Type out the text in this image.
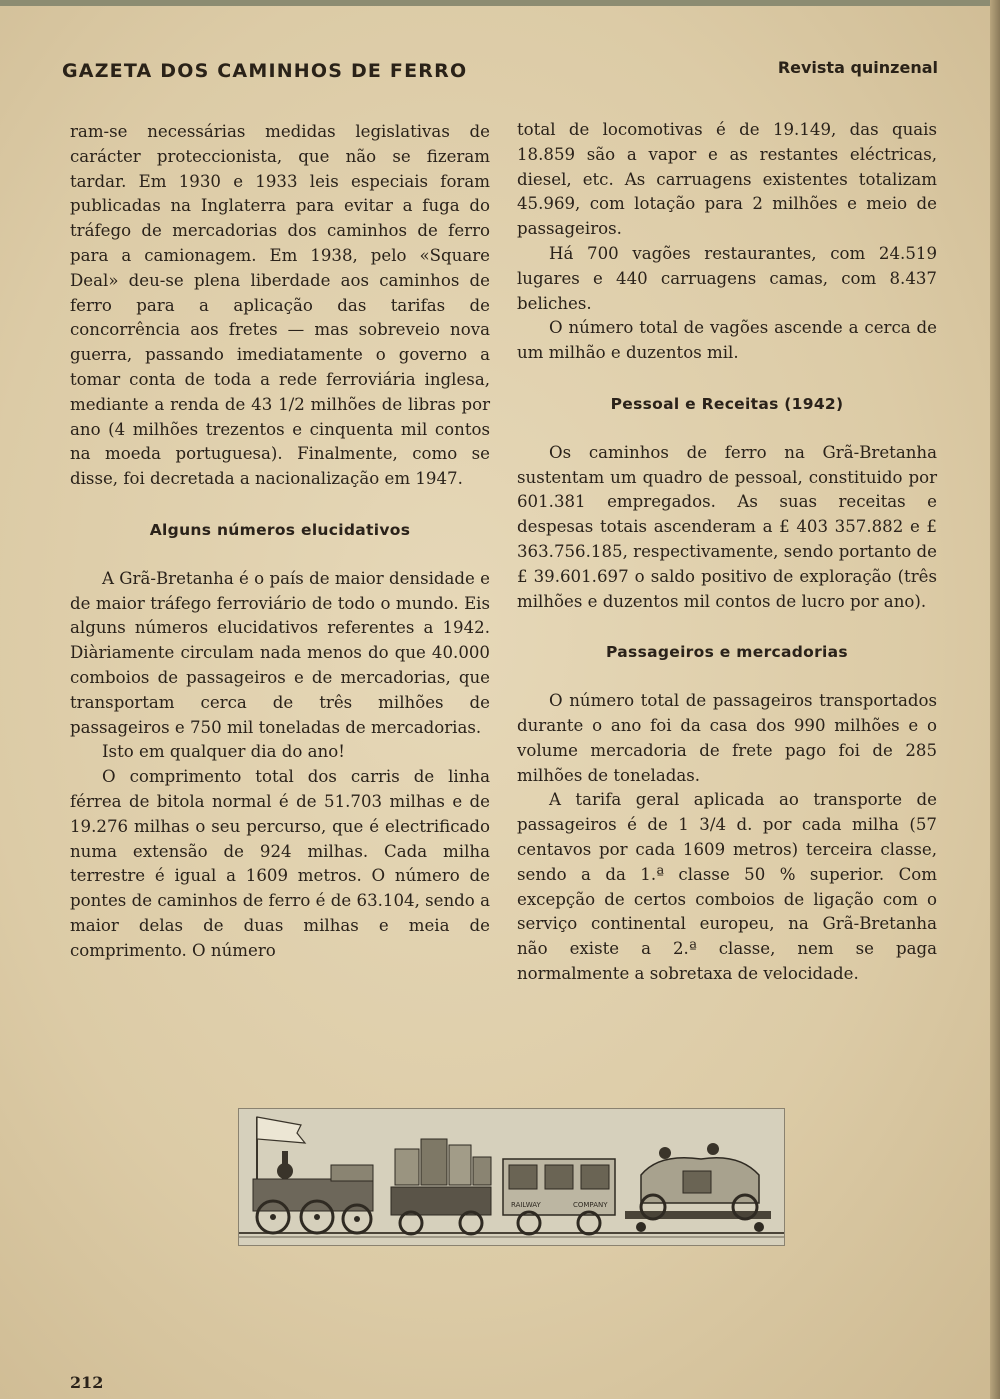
GAZETA DOS CAMINHOS DE FERRO	Revista quinzenal

ram-se necessárias medidas legislativas de carácter proteccionista, que não se fizeram tardar. Em 1930 e 1933 leis especiais foram publicadas na Inglaterra para evitar a fuga do tráfego de mercadorias dos caminhos de ferro para a camionagem. Em 1938, pelo «Square Deal» deu-se plena liberdade aos caminhos de ferro para a aplicação das tarifas de concorrência aos fretes — mas sobreveio nova guerra, passando imediatamente o governo a tomar conta de toda a rede ferroviária inglesa, mediante a renda de 43 1/2 milhões de libras por ano (4 milhões trezentos e cinquenta mil contos na moeda portuguesa). Finalmente, como se disse, foi decretada a nacionalização em 1947.

Alguns números elucidativos

A Grã-Bretanha é o país de maior densidade e de maior tráfego ferroviário de todo o mundo. Eis alguns números elucidativos referentes a 1942. Diàriamente circulam nada menos do que 40.000 comboios de passageiros e de mercadorias, que transportam cerca de três milhões de passageiros e 750 mil toneladas de mercadorias.

Isto em qualquer dia do ano!

O comprimento total dos carris de linha férrea de bitola normal é de 51.703 milhas e de 19.276 milhas o seu percurso, que é electrificado numa extensão de 924 milhas. Cada milha terrestre é igual a 1609 metros. O número de pontes de caminhos de ferro é de 63.104, sendo a maior delas de duas milhas e meia de comprimento. O número

total de locomotivas é de 19.149, das quais 18.859 são a vapor e as restantes eléctricas, diesel, etc. As carruagens existentes totalizam 45.969, com lotação para 2 milhões e meio de passageiros.

Há 700 vagões restaurantes, com 24.519 lugares e 440 carruagens camas, com 8.437 beliches.

O número total de vagões ascende a cerca de um milhão e duzentos mil.

Pessoal e Receitas (1942)

Os caminhos de ferro na Grã-Bretanha sustentam um quadro de pessoal, constituido por 601.381 empregados. As suas receitas e despesas totais ascenderam a £ 403 357.882 e £ 363.756.185, respectivamente, sendo portanto de £ 39.601.697 o saldo positivo de exploração (três milhões e duzentos mil contos de lucro por ano).

Passageiros e mercadorias

O número total de passageiros transportados durante o ano foi da casa dos 990 milhões e o volume mercadoria de frete pago foi de 285 milhões de toneladas.

A tarifa geral aplicada ao transporte de passageiros é de 1 3/4 d. por cada milha (57 centavos por cada 1609 metros) terceira classe, sendo a da 1.ª classe 50 % superior. Com excepção de certos comboios de ligação com o serviço continental europeu, na Grã-Bretanha não existe a 2.ª classe, nem se paga normalmente a sobretaxa de velocidade.

RAILWAY	COMPANY
212
